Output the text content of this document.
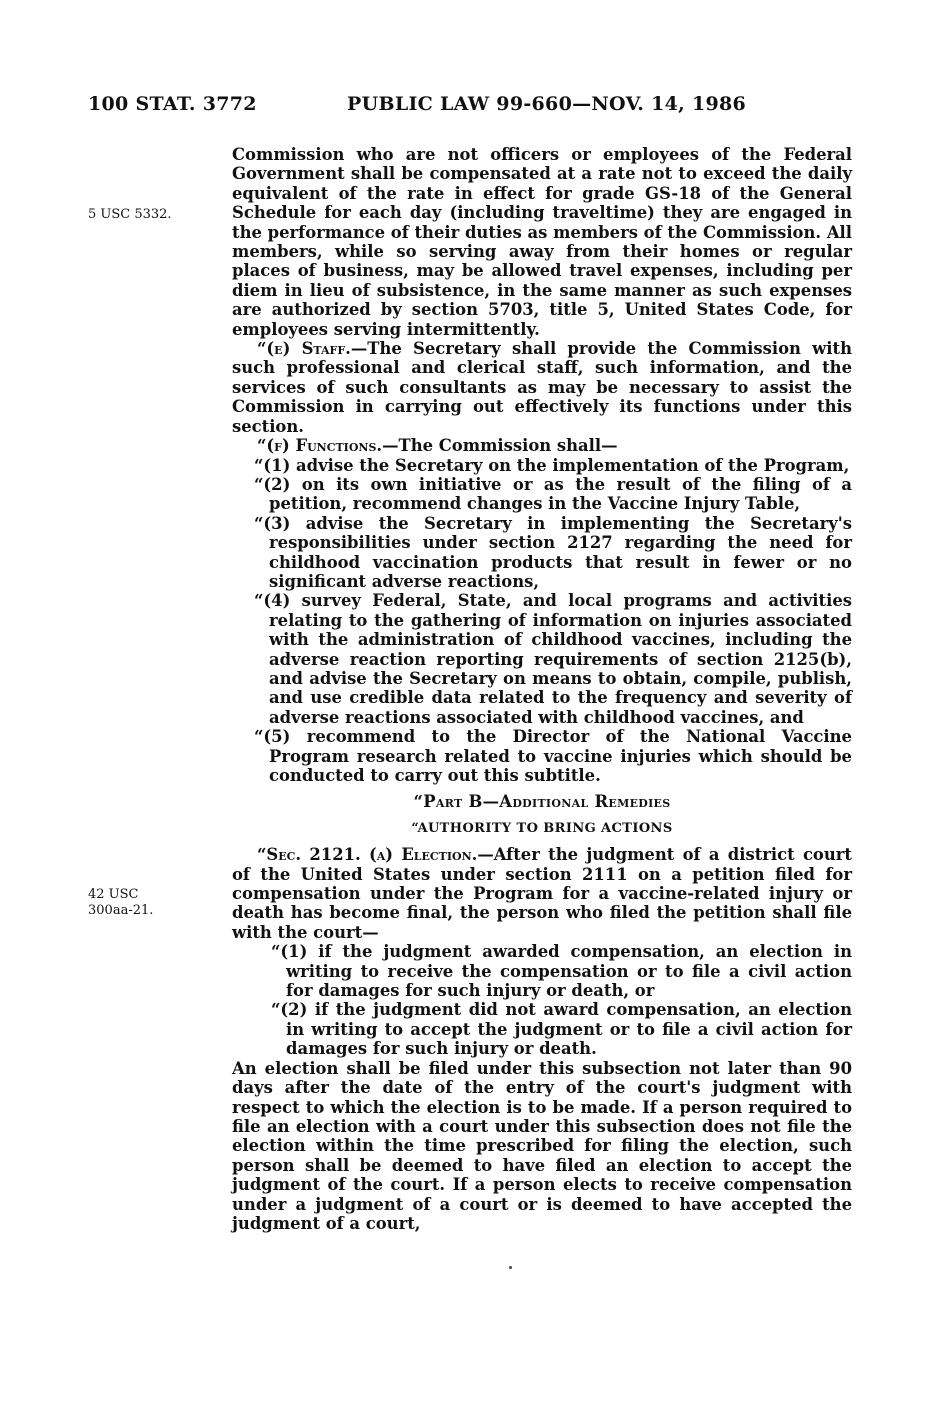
100 STAT. 3772	PUBLIC LAW 99-660—NOV. 14, 1986
5 USC 5332.
42 USC
300aa-21.

Commission who are not officers or employees of the Federal Government shall be compensated at a rate not to exceed the daily equivalent of the rate in effect for grade GS-18 of the General Schedule for each day (including traveltime) they are engaged in the performance of their duties as members of the Commission. All members, while so serving away from their homes or regular places of business, may be allowed travel expenses, including per diem in lieu of subsistence, in the same manner as such expenses are authorized by section 5703, title 5, United States Code, for employees serving intermittently.

“(e) Staff.—The Secretary shall provide the Commission with such professional and clerical staff, such information, and the services of such consultants as may be necessary to assist the Commission in carrying out effectively its functions under this section.

“(f) Functions.—The Commission shall—

“(1) advise the Secretary on the implementation of the Program,

“(2) on its own initiative or as the result of the filing of a petition, recommend changes in the Vaccine Injury Table,

“(3) advise the Secretary in implementing the Secretary's responsibilities under section 2127 regarding the need for childhood vaccination products that result in fewer or no significant adverse reactions,

“(4) survey Federal, State, and local programs and activities relating to the gathering of information on injuries associated with the administration of childhood vaccines, including the adverse reaction reporting requirements of section 2125(b), and advise the Secretary on means to obtain, compile, publish, and use credible data related to the frequency and severity of adverse reactions associated with childhood vaccines, and

“(5) recommend to the Director of the National Vaccine Program research related to vaccine injuries which should be conducted to carry out this subtitle.

“Part B—Additional Remedies

“AUTHORITY TO BRING ACTIONS

“Sec. 2121. (a) Election.—After the judgment of a district court of the United States under section 2111 on a petition filed for compensation under the Program for a vaccine-related injury or death has become final, the person who filed the petition shall file with the court—

“(1) if the judgment awarded compensation, an election in writing to receive the compensation or to file a civil action for damages for such injury or death, or

“(2) if the judgment did not award compensation, an election in writing to accept the judgment or to file a civil action for damages for such injury or death.

An election shall be filed under this subsection not later than 90 days after the date of the entry of the court's judgment with respect to which the election is to be made. If a person required to file an election with a court under this subsection does not file the election within the time prescribed for filing the election, such person shall be deemed to have filed an election to accept the judgment of the court. If a person elects to receive compensation under a judgment of a court or is deemed to have accepted the judgment of a court,
